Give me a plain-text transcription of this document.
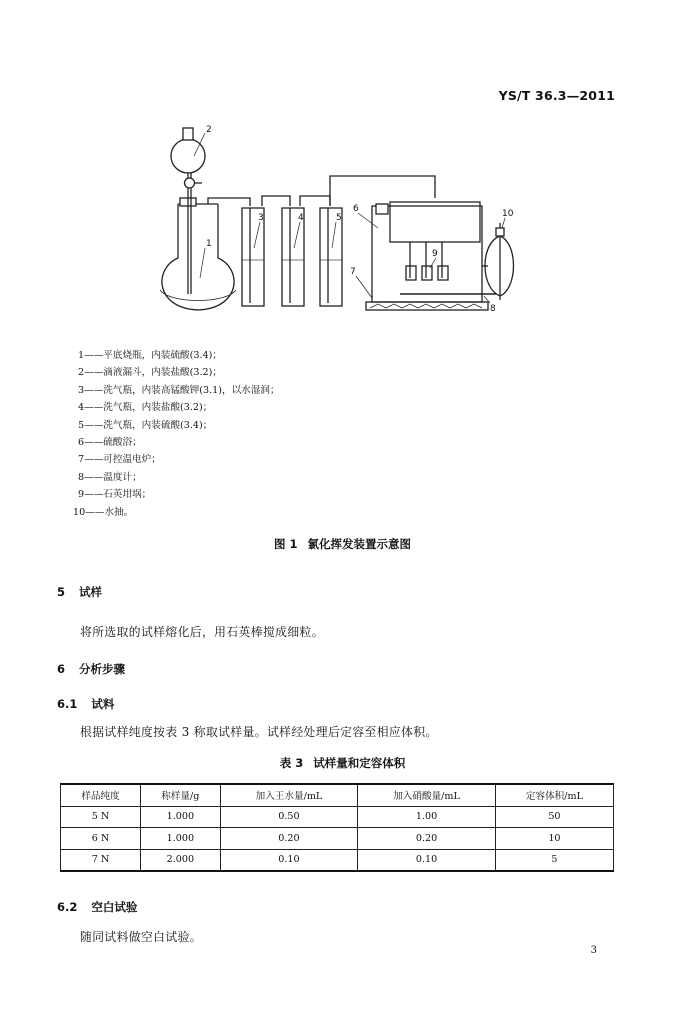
YS/T 36.3—2011
1
2
3	4	5
6
7
8
9
10
1——平底烧瓶，内装硫酸(3.4)；
2——滴液漏斗，内装盐酸(3.2)；
3——洗气瓶，内装高锰酸钾(3.1)，以水湿润；
4——洗气瓶，内装盐酸(3.2)；
5——洗气瓶，内装硫酸(3.4)；
6——硫酸浴；
7——可控温电炉；
8——温度计；
9——石英坩埚；
10——水抽。
图 1 氯化挥发装置示意图
5 试样
将所选取的试样熔化后，用石英棒搅成细粒。
6 分析步骤
6.1 试料
根据试样纯度按表 3 称取试样量。试样经处理后定容至相应体积。
表 3 试样量和定容体积
样品纯度	称样量/g	加入王水量/mL	加入硝酸量/mL	定容体积/mL
5 N	1.000	0.50	1.00	50
6 N	1.000	0.20	0.20	10
7 N	2.000	0.10	0.10	5
6.2 空白试验
随同试料做空白试验。
3
